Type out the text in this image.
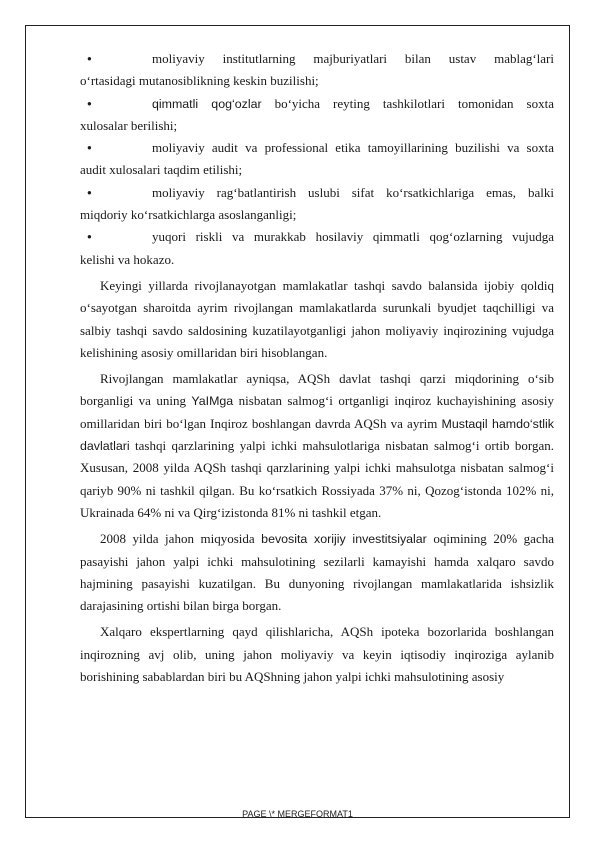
●	moliyaviy institutlarning majburiyatlari bilan ustav mablag‘lari
o‘rtasidagi mutanosiblikning keskin buzilishi;
●	qimmatli qog‘ozlar bo‘yicha reyting tashkilotlari tomonidan soxta
xulosalar berilishi;
●	moliyaviy audit va professional etika tamoyillarining buzilishi va soxta
audit xulosalari taqdim etilishi;
●	moliyaviy rag‘batlantirish uslubi sifat ko‘rsatkichlariga emas, balki
miqdoriy ko‘rsatkichlarga asoslanganligi;
●	yuqori riskli va murakkab hosilaviy qimmatli qog‘ozlarning vujudga
kelishi va hokazo.

Keyingi yillarda rivojlanayotgan mamlakatlar tashqi savdo balansida ijobiy qoldiq o‘sayotgan sharoitda ayrim rivojlangan mamlakatlarda surunkali byudjet taqchilligi va salbiy tashqi savdo saldosining kuzatilayotganligi jahon moliyaviy inqirozining vujudga kelishining asosiy omillaridan biri hisoblangan.

Rivojlangan mamlakatlar ayniqsa, AQSh davlat tashqi qarzi miqdorining o‘sib borganligi va uning YaIMga nisbatan salmog‘i ortganligi inqiroz kuchayishining asosiy omillaridan biri bo‘lgan Inqiroz boshlangan davrda AQSh va ayrim Mustaqil hamdo‘stlik davlatlari tashqi qarzlarining yalpi ichki mahsulotlariga nisbatan salmog‘i ortib borgan. Xususan, 2008 yilda AQSh tashqi qarzlarining yalpi ichki mahsulotga nisbatan salmog‘i qariyb 90% ni tashkil qilgan. Bu ko‘rsatkich Rossiyada 37% ni, Qozog‘istonda 102% ni, Ukrainada 64% ni va Qirg‘izistonda 81% ni tashkil etgan.

2008 yilda jahon miqyosida bevosita xorijiy investitsiyalar oqimining 20% gacha pasayishi jahon yalpi ichki mahsulotining sezilarli kamayishi hamda xalqaro savdo hajmining pasayishi kuzatilgan. Bu dunyoning rivojlangan mamlakatlarida ishsizlik darajasining ortishi bilan birga borgan.

Xalqaro ekspertlarning qayd qilishlaricha, AQSh ipoteka bozorlarida boshlangan inqirozning avj olib, uning jahon moliyaviy va keyin iqtisodiy inqiroziga aylanib borishining sabablardan biri bu AQShning jahon yalpi ichki mahsulotining asosiy

PAGE \* MERGEFORMAT1
